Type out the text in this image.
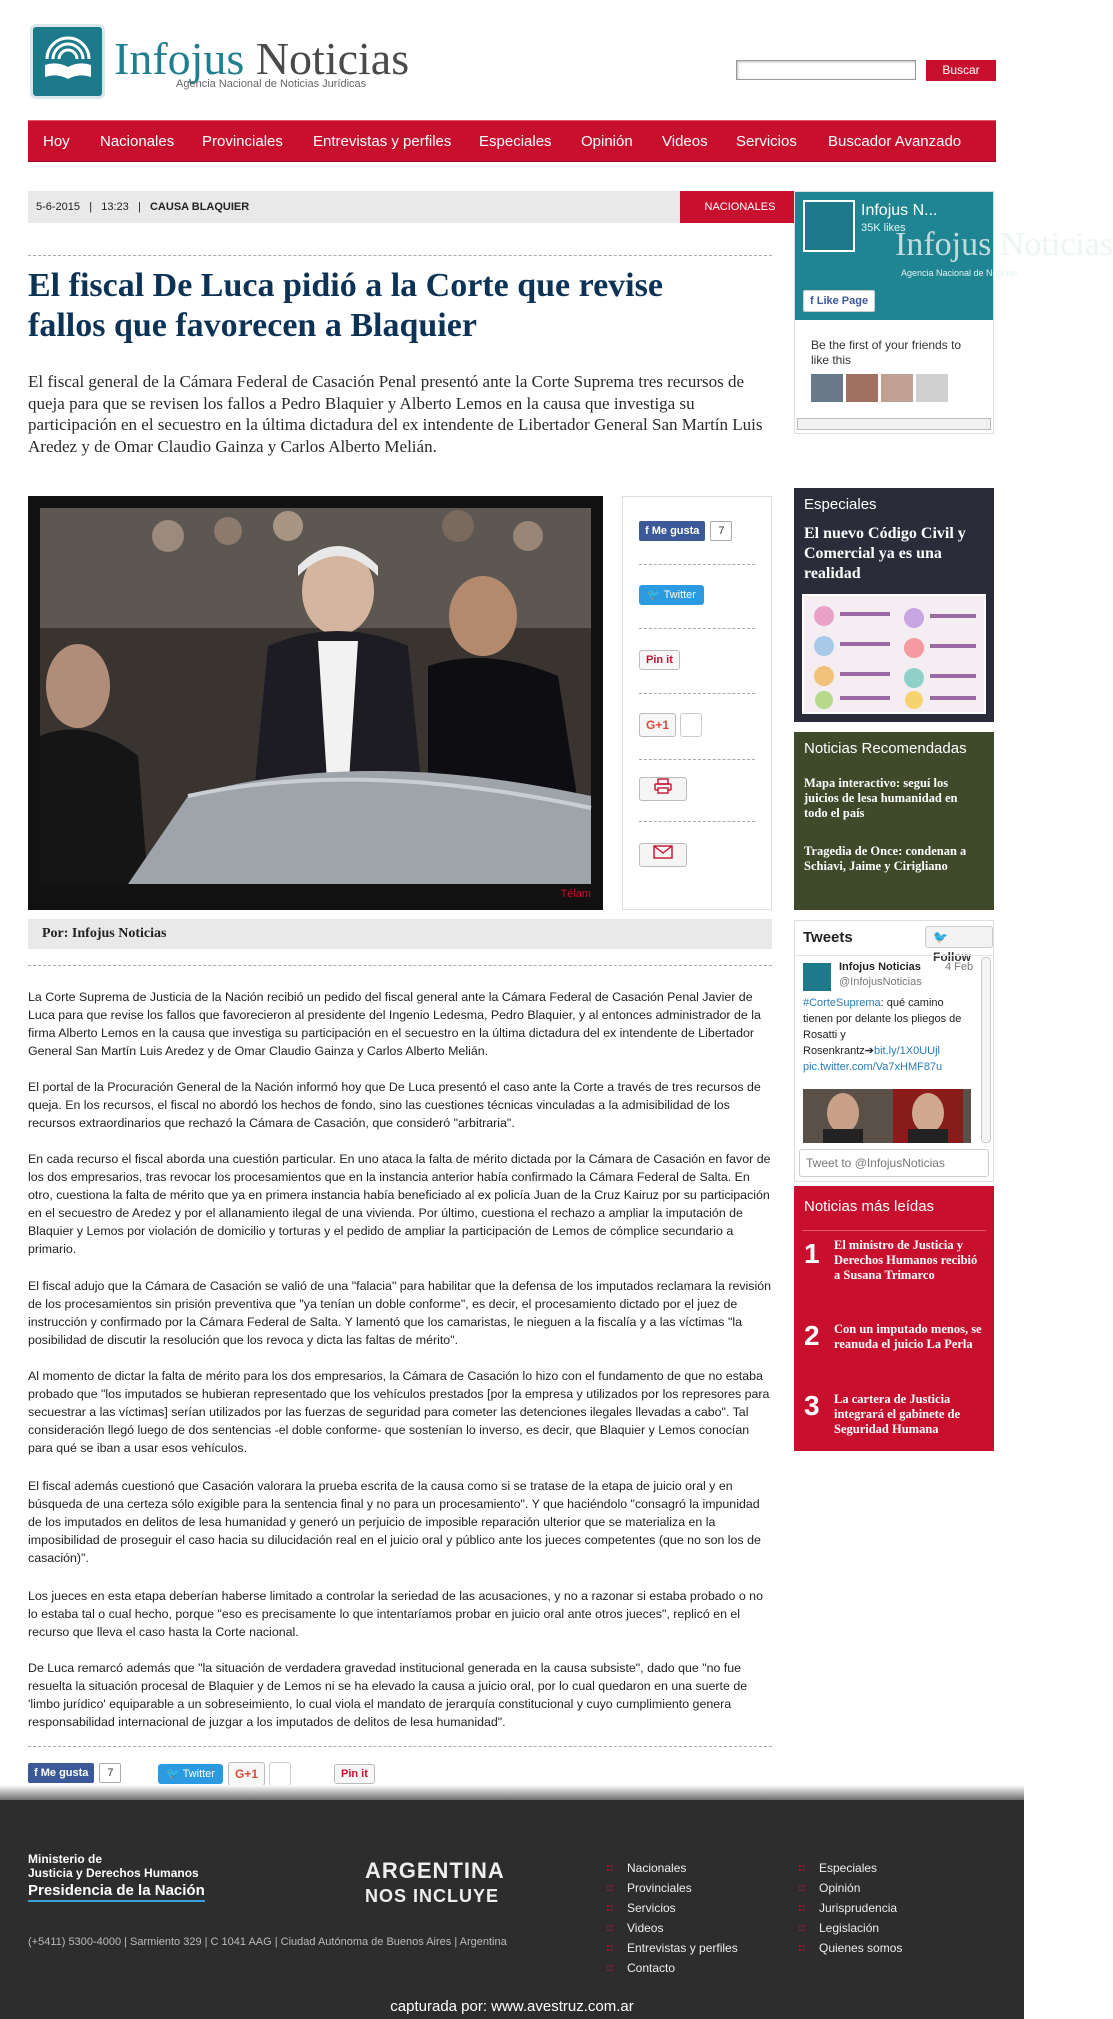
Infojus Noticias
Agencia Nacional de Noticias Jurídicas
Buscar
Hoy Nacionales Provinciales Entrevistas y perfiles Especiales Opinión Videos Servicios Buscador Avanzado
5-6-2015   |   13:23   |   CAUSA BLAQUIER	NACIONALES
El fiscal De Luca pidió a la Corte que revise fallos que favorecen a Blaquier

El fiscal general de la Cámara Federal de Casación Penal presentó ante la Corte Suprema tres recursos de queja para que se revisen los fallos a Pedro Blaquier y Alberto Lemos en la causa que investiga su participación en el secuestro en la última dictadura del ex intendente de Libertador General San Martín Luis Aredez y de Omar Claudio Gainza y Carlos Alberto Melián.

Télam
f Me gusta 7
🐦 Twitter
Pin it
G+1
Por: Infojus Noticias

La Corte Suprema de Justicia de la Nación recibió un pedido del fiscal general ante la Cámara Federal de Casación Penal Javier de Luca para que revise los fallos que favorecieron al presidente del Ingenio Ledesma, Pedro Blaquier, y al entonces administrador de la firma Alberto Lemos en la causa que investiga su participación en el secuestro en la última dictadura del ex intendente de Libertador General San Martín Luis Aredez y de Omar Claudio Gainza y Carlos Alberto Melián.

El portal de la Procuración General de la Nación informó hoy que De Luca presentó el caso ante la Corte a través de tres recursos de queja. En los recursos, el fiscal no abordó los hechos de fondo, sino las cuestiones técnicas vinculadas a la admisibilidad de los recursos extraordinarios que rechazó la Cámara de Casación, que consideró "arbitraria".

En cada recurso el fiscal aborda una cuestión particular. En uno ataca la falta de mérito dictada por la Cámara de Casación en favor de los dos empresarios, tras revocar los procesamientos que en la instancia anterior había confirmado la Cámara Federal de Salta. En otro, cuestiona la falta de mérito que ya en primera instancia había beneficiado al ex policía Juan de la Cruz Kairuz por su participación en el secuestro de Aredez y por el allanamiento ilegal de una vivienda. Por último, cuestiona el rechazo a ampliar la imputación de Blaquier y Lemos por violación de domicilio y torturas y el pedido de ampliar la participación de Lemos de cómplice secundario a primario.

El fiscal adujo que la Cámara de Casación se valió de una "falacia" para habilitar que la defensa de los imputados reclamara la revisión de los procesamientos sin prisión preventiva que "ya tenían un doble conforme", es decir, el procesamiento dictado por el juez de instrucción y confirmado por la Cámara Federal de Salta. Y lamentó que los camaristas, le nieguen a la fiscalía y a las víctimas "la posibilidad de discutir la resolución que los revoca y dicta las faltas de mérito".

Al momento de dictar la falta de mérito para los dos empresarios, la Cámara de Casación lo hizo con el fundamento de que no estaba probado que "los imputados se hubieran representado que los vehículos prestados [por la empresa y utilizados por los represores para secuestrar a las víctimas] serían utilizados por las fuerzas de seguridad para cometer las detenciones ilegales llevadas a cabo". Tal consideración llegó luego de dos sentencias -el doble conforme- que sostenían lo inverso, es decir, que Blaquier y Lemos conocían para qué se iban a usar esos vehículos.

El fiscal además cuestionó que Casación valorara la prueba escrita de la causa como si se tratase de la etapa de juicio oral y en búsqueda de una certeza sólo exigible para la sentencia final y no para un procesamiento". Y que haciéndolo "consagró la impunidad de los imputados en delitos de lesa humanidad y generó un perjuicio de imposible reparación ulterior que se materializa en la imposibilidad de proseguir el caso hacia su dilucidación real en el juicio oral y público ante los jueces competentes (que no son los de casación)".

Los jueces en esta etapa deberían haberse limitado a controlar la seriedad de las acusaciones, y no a razonar si estaba probado o no lo estaba tal o cual hecho, porque "eso es precisamente lo que intentaríamos probar en juicio oral ante otros jueces", replicó en el recurso que lleva el caso hasta la Corte nacional.

De Luca remarcó además que "la situación de verdadera gravedad institucional generada en la causa subsiste", dado que "no fue resuelta la situación procesal de Blaquier y de Lemos ni se ha elevado la causa a juicio oral, por lo cual quedaron en una suerte de 'limbo jurídico' equiparable a un sobreseimiento, lo cual viola el mandato de jerarquía constitucional y cuyo cumplimiento genera responsabilidad internacional de juzgar a los imputados de delitos de lesa humanidad".

f Me gusta 7	🐦 Twitter	G+1	Pin it
Infojus Noticias
Agencia Nacional de Noticias
Infojus N...
35K likes
f Like Page
Be the first of your friends to like this
Especiales
El nuevo Código Civil y Comercial ya es una realidad
Noticias Recomendadas
Mapa interactivo: seguí los juicios de lesa humanidad en todo el país
Tragedia de Once: condenan a Schiavi, Jaime y Cirigliano
Tweets	🐦 Follow
Infojus Noticias
@InfojusNoticias
4 Feb
#CorteSuprema: qué camino tienen por delante los pliegos de Rosatti y Rosenkrantz➔bit.ly/1X0UUjl pic.twitter.com/Va7xHMF87u
Tweet to @InfojusNoticias
Noticias más leídas
1 El ministro de Justicia y Derechos Humanos recibió a Susana Trimarco
2 Con un imputado menos, se reanuda el juicio La Perla
3 La cartera de Justicia integrará el gabinete de Seguridad Humana
Ministerio de
Justicia y Derechos Humanos
Presidencia de la Nación
ARGENTINA
NOS INCLUYE
(+5411) 5300-4000 | Sarmiento 329 | C 1041 AAG | Ciudad Autónoma de Buenos Aires | Argentina
:: Nacionales
:: Provinciales
:: Servicios
:: Videos
:: Entrevistas y perfiles
:: Contacto
:: Especiales
:: Opinión
:: Jurisprudencia
:: Legislación
:: Quienes somos
capturada por: www.avestruz.com.ar
